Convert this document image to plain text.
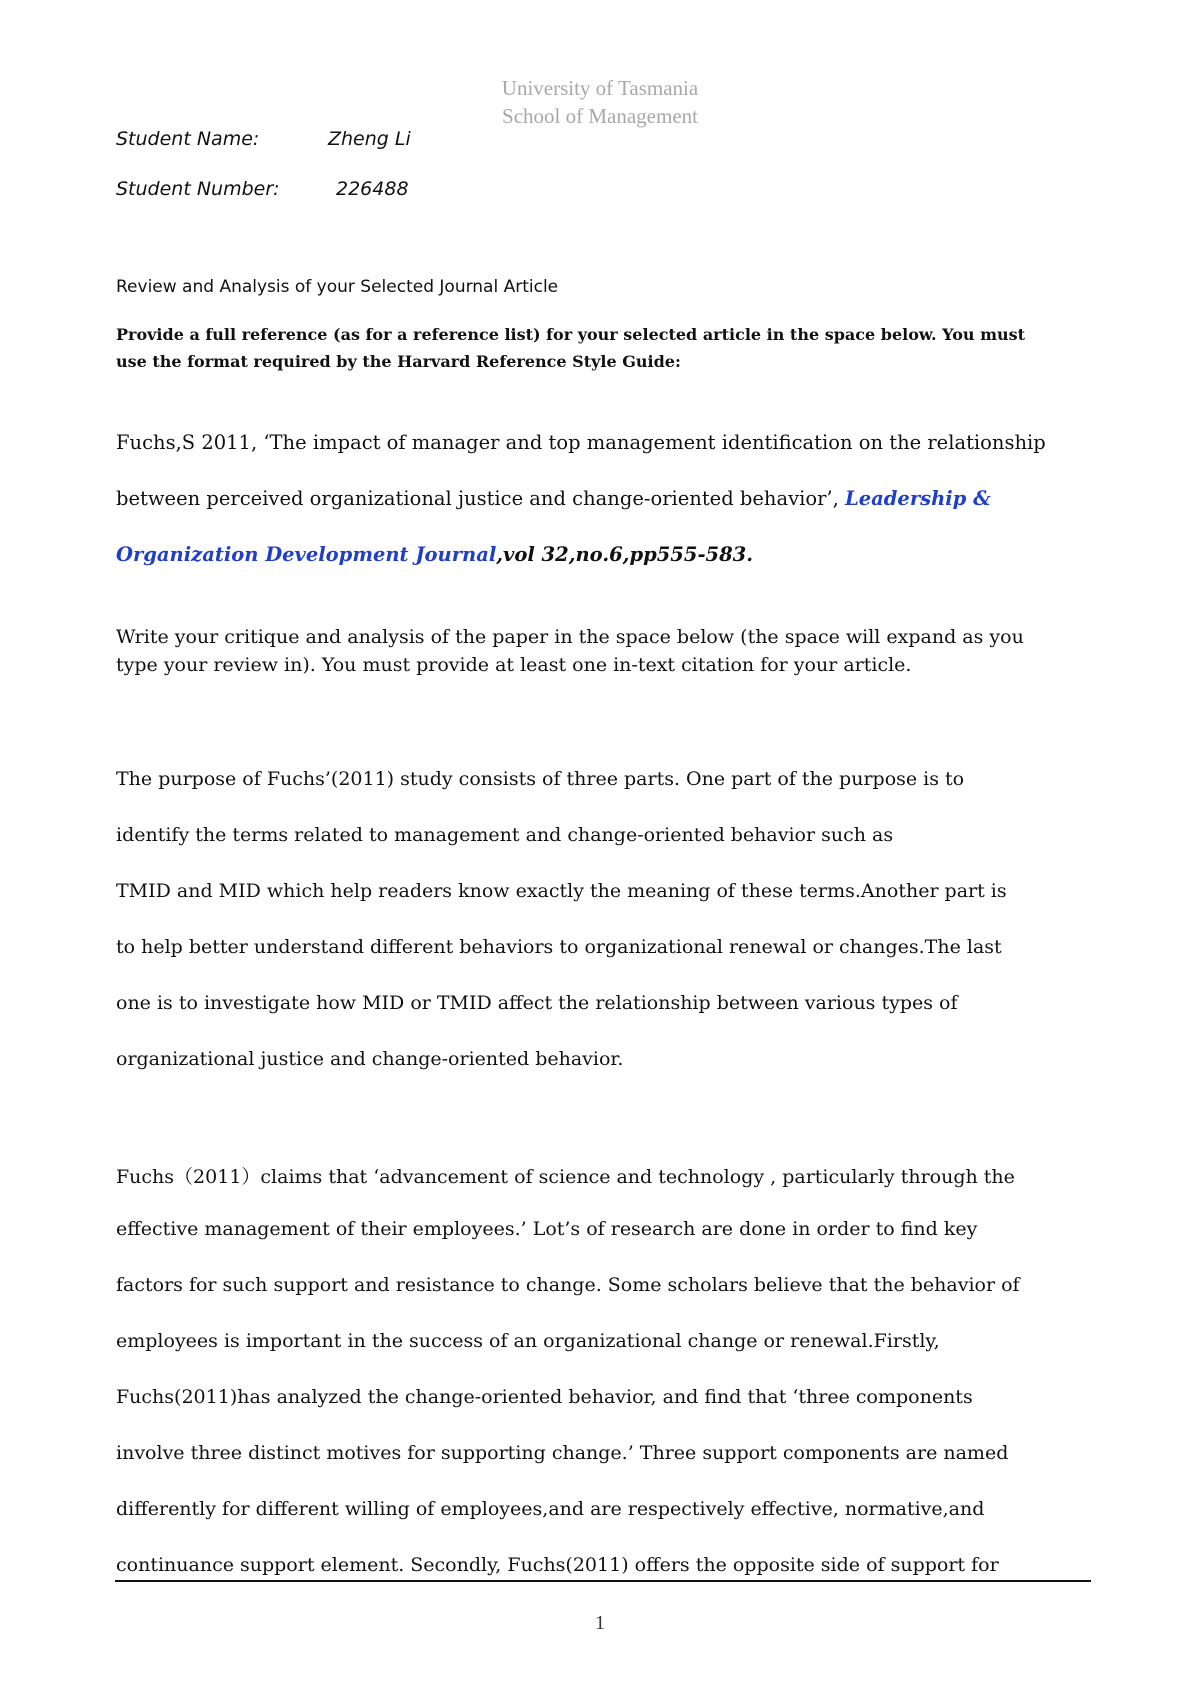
University of Tasmania
School of Management
Student Name:	Zheng Li
Student Number:	226488
Review and Analysis of your Selected Journal Article
Provide a full reference (as for a reference list) for your selected article in the space below. You must
use the format required by the Harvard Reference Style Guide:
Fuchs,S 2011, ‘The impact of manager and top management identification on the relationship
between perceived organizational justice and change-oriented behavior’, Leadership &
Organization Development Journal,vol 32,no.6,pp555-583.
Write your critique and analysis of the paper in the space below (the space will expand as you
type your review in). You must provide at least one in-text citation for your article.
The purpose of Fuchs’(2011) study consists of three parts. One part of the purpose is to
identify the terms related to management and change-oriented behavior such as
TMID and MID which help readers know exactly the meaning of these terms.Another part is
to help better understand different behaviors to organizational renewal or changes.The last
one is to investigate how MID or TMID affect the relationship between various types of
organizational justice and change-oriented behavior.
Fuchs（2011）claims that ‘advancement of science and technology , particularly through the
effective management of their employees.’ Lot’s of research are done in order to find key
factors for such support and resistance to change. Some scholars believe that the behavior of
employees is important in the success of an organizational change or renewal.Firstly,
Fuchs(2011)has analyzed the change-oriented behavior, and find that ‘three components
involve three distinct motives for supporting change.’ Three support components are named
differently for different willing of employees,and are respectively effective, normative,and
continuance support element. Secondly, Fuchs(2011) offers the opposite side of support for
1
